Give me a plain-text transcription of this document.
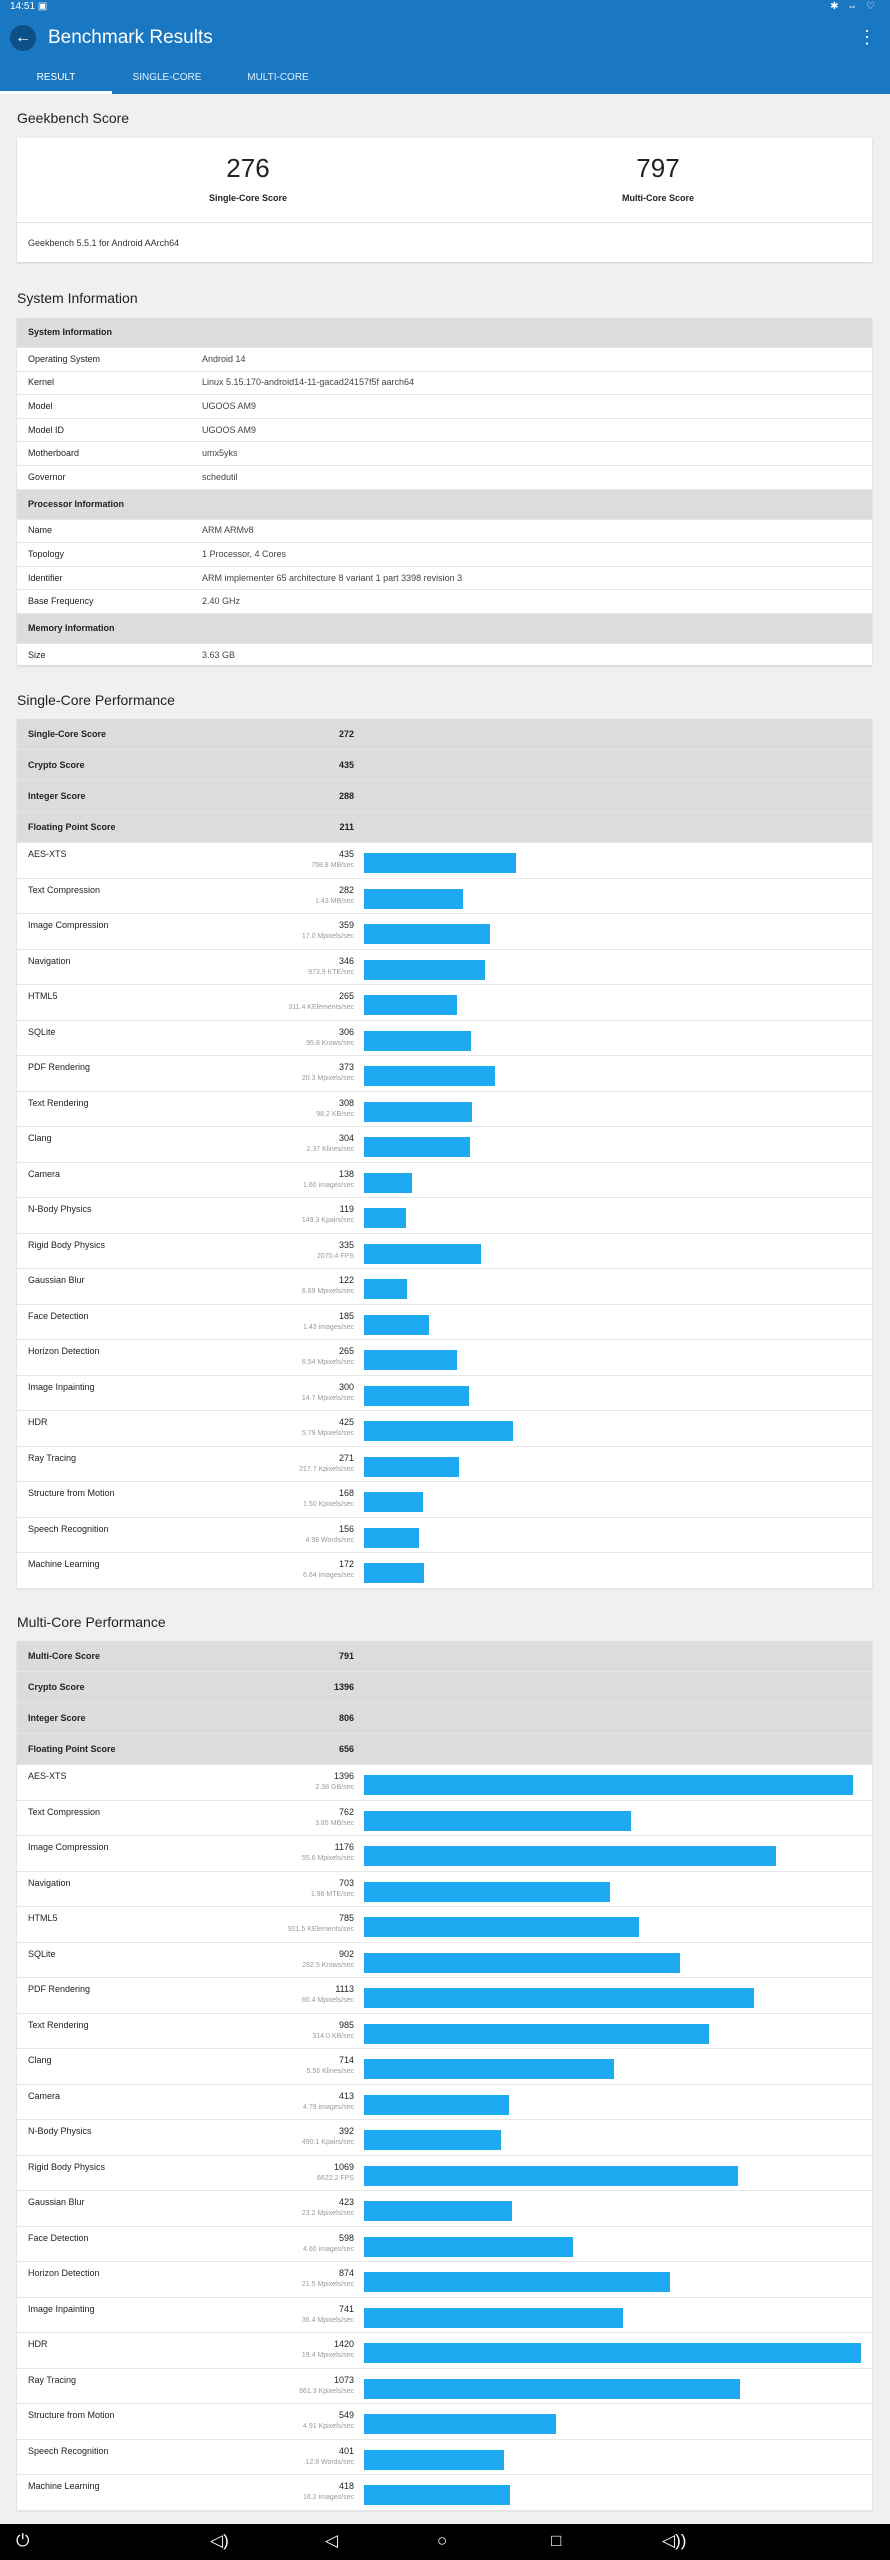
14:51 ▣	✱ ⇔ ♡
← Benchmark Results	⋮
RESULT	SINGLE-CORE	MULTI-CORE
Geekbench Score
276
Single-Core Score
797
Multi-Core Score
Geekbench 5.5.1 for Android AArch64
System Information
System Information
Operating System	Android 14
Kernel	Linux 5.15.170-android14-11-gacad24157f5f aarch64
Model	UGOOS AM9
Model ID	UGOOS AM9
Motherboard	umx5yks
Governor	schedutil
Processor Information
Name	ARM ARMv8
Topology	1 Processor, 4 Cores
Identifier	ARM implementer 65 architecture 8 variant 1 part 3398 revision 3
Base Frequency	2.40 GHz
Memory Information
Size	3.63 GB
Single-Core Performance
Single-Core Score	272
Crypto Score	435
Integer Score	288
Floating Point Score	211
AES-XTS	435
758.8 MB/sec
Text Compression	282
1.43 MB/sec
Image Compression	359
17.0 Mpixels/sec
Navigation	346
973.9 KTE/sec
HTML5	265
311.4 KElements/sec
SQLite	306
95.8 Krows/sec
PDF Rendering	373
20.3 Mpixels/sec
Text Rendering	308
98.2 KB/sec
Clang	304
2.37 Klines/sec
Camera	138
1.60 images/sec
N-Body Physics	119
149.3 Kpairs/sec
Rigid Body Physics	335
2070.4 FPS
Gaussian Blur	122
6.69 Mpixels/sec
Face Detection	185
1.43 images/sec
Horizon Detection	265
6.54 Mpixels/sec
Image Inpainting	300
14.7 Mpixels/sec
HDR	425
5.79 Mpixels/sec
Ray Tracing	271
217.7 Kpixels/sec
Structure from Motion	168
1.50 Kpixels/sec
Speech Recognition	156
4.98 Words/sec
Machine Learning	172
6.64 images/sec
Multi-Core Performance
Multi-Core Score	791
Crypto Score	1396
Integer Score	806
Floating Point Score	656
AES-XTS	1396
2.38 GB/sec
Text Compression	762
3.85 MB/sec
Image Compression	1176
55.6 Mpixels/sec
Navigation	703
1.98 MTE/sec
HTML5	785
921.5 KElements/sec
SQLite	902
282.5 Krows/sec
PDF Rendering	1113
60.4 Mpixels/sec
Text Rendering	985
314.0 KB/sec
Clang	714
5.56 Klines/sec
Camera	413
4.79 images/sec
N-Body Physics	392
490.1 Kpairs/sec
Rigid Body Physics	1069
6622.2 FPS
Gaussian Blur	423
23.2 Mpixels/sec
Face Detection	598
4.60 images/sec
Horizon Detection	874
21.5 Mpixels/sec
Image Inpainting	741
36.4 Mpixels/sec
HDR	1420
19.4 Mpixels/sec
Ray Tracing	1073
861.3 Kpixels/sec
Structure from Motion	549
4.91 Kpixels/sec
Speech Recognition	401
12.8 Words/sec
Machine Learning	418
16.2 images/sec
⏻	◁)	◁	○	□	◁))
